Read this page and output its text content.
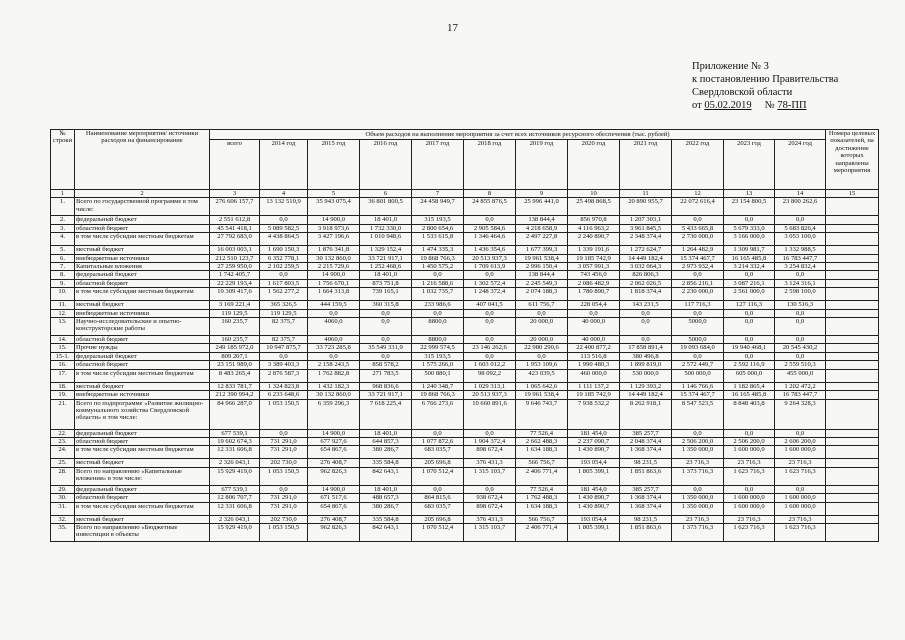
17
Приложение № 3
к постановлению Правительства
Свердловской области
от 05.02.2019 № 78-ПП
№ строки	Наименование мероприятия/ источники расходов на финансирование	Объем расходов на выполнение мероприятия за счет всех источников ресурсного обеспечения (тыс. рублей)												Номера целевых показателей, на достижение которых направлены мероприятия
		всего	2014 год	2015 год	2016 год	2017 год	2018 год	2019 год	2020 год	2021 год	2022 год	2023 год	2024 год	
1	2	3	4	5	6	7	8	9	10	11	12	13	14	15
1.	Всего по государственной программе в том числе:	276 606 157,7	13 132 510,9	35 943 075,4	36 801 800,5	24 458 949,7	24 855 876,5	25 996 441,0	25 498 868,5	20 890 955,7	22 072 616,4	23 154 800,5	23 800 262,6	
2.	федеральный бюджет	2 551 612,8	0,0	14 900,0	18 401,0	315 193,5	0,0	138 844,4	856 970,8	1 207 303,1	0,0	0,0	0,0	
3.	областной бюджет	45 541 418,1	5 089 582,5	3 918 973,6	1 732 330,0	2 800 654,6	2 905 584,6	4 218 658,9	4 116 963,2	3 961 845,5	5 433 665,8	5 679 333,0	5 683 826,4	
4.	в том числе субсидии местным бюджетам	27 792 683,0	4 438 864,5	3 427 196,6	1 010 948,6	1 533 615,8	1 346 464,6	2 497 227,8	2 240 890,7	2 348 374,4	2 730 000,0	3 166 000,0	3 053 100,0	
5.	местный бюджет	16 003 003,1	1 690 150,3	1 876 341,8	1 329 152,4	1 474 335,3	1 436 354,6	1 677 399,3	1 339 191,6	1 272 624,7	1 264 482,9	1 309 981,7	1 332 988,5	
6.	внебюджетные источники	212 510 123,7	6 352 778,1	30 132 860,0	33 721 917,1	19 868 766,3	20 513 937,3	19 961 538,4	19 185 742,9	14 449 182,4	15 374 467,7	16 165 485,8	16 783 447,7	
7.	Капитальные вложения	27 259 950,0	2 102 259,5	2 215 729,6	1 252 468,6	1 450 575,2	1 709 613,9	2 996 150,4	3 057 991,3	3 032 064,3	2 973 932,4	3 214 332,4	3 254 832,4	
8.	федеральный бюджет	1 742 405,7	0,0	14 900,0	18 401,0	0,0	0,0	138 844,4	743 456,0	826 806,3	0,0	0,0	0,0	
9.	областной бюджет	22 229 193,4	1 617 803,5	1 756 670,1	873 751,8	1 216 588,6	1 302 572,4	2 245 549,3	2 086 482,9	2 062 026,5	2 856 216,1	3 087 216,1	3 124 316,1	
10.	в том числе субсидии местным бюджетам	19 309 417,6	1 562 277,2	1 664 313,8	739 165,1	1 032 735,7	1 248 372,4	2 074 188,3	1 780 890,7	1 818 374,4	2 230 000,0	2 561 000,0	2 598 100,0	
11.	местный бюджет	3 169 221,4	365 326,5	444 159,5	360 315,8	233 986,6	407 041,5	611 756,7	228 054,4	143 231,5	117 716,3	127 116,3	130 516,3	
12.	внебюджетные источники	119 129,5	119 129,5	0,0	0,0	0,0	0,0	0,0	0,0	0,0	0,0	0,0	0,0	
13.	Научно-исследовательские и опытно-конструкторские работы	160 235,7	82 375,7	4060,0	0,0	8800,0	0,0	20 000,0	40 000,0	0,0	5000,0	0,0	0,0	
14.	областной бюджет	160 235,7	82 375,7	4060,0	0,0	8800,0	0,0	20 000,0	40 000,0	0,0	5000,0	0,0	0,0	
15.	Прочие нужды	249 185 972,0	10 947 875,7	33 723 285,8	35 549 331,9	22 999 574,5	23 146 262,6	22 980 290,6	22 400 877,2	17 858 891,4	19 093 684,0	19 940 468,1	20 545 430,2	
15-1.	федеральный бюджет	809 207,1	0,0	0,0	0,0	315 193,5	0,0	0,0	113 516,8	380 496,8	0,0	0,0	0,0	
16.	областной бюджет	23 151 989,0	3 389 403,3	2 158 243,5	858 578,2	1 575 266,0	1 603 012,2	1 953 109,6	1 990 480,3	1 899 819,0	2 572 449,7	2 592 116,9	2 559 510,3	
17.	в том числе субсидии местным бюджетам	8 483 265,4	2 876 587,3	1 762 882,8	271 783,5	500 880,1	98 092,2	423 039,5	460 000,0	530 000,0	500 000,0	605 000,0	455 000,0	
18.	местный бюджет	12 833 781,7	1 324 823,8	1 432 182,3	968 836,6	1 240 348,7	1 029 313,1	1 065 642,6	1 111 137,2	1 129 393,2	1 146 766,6	1 182 865,4	1 202 472,2	
19.	внебюджетные источники	212 390 994,2	6 233 648,6	30 132 860,0	33 721 917,1	19 868 766,3	20 513 937,3	19 961 538,4	19 185 742,9	14 449 182,4	15 374 467,7	16 165 485,8	16 783 447,7	
21.	Всего по подпрограмме «Развитие жилищно-коммунального хозяйства Свердловской области» в том числе:	84 966 287,0	1 053 150,5	6 359 296,3	7 618 225,4	6 766 273,6	10 660 891,6	9 646 743,7	7 938 532,2	8 262 918,1	8 547 523,5	8 848 403,8	9 264 328,3	
22.	федеральный бюджет	677 539,1	0,0	14 900,0	18 401,0	0,0	0,0	77 526,4	181 454,0	385 257,7	0,0	0,0	0,0	
23.	областной бюджет	19 602 674,3	731 291,0	677 927,6	644 857,3	1 077 872,6	1 904 372,4	2 662 488,3	2 237 090,7	2 048 374,4	2 506 200,0	2 506 200,0	2 606 200,0	
24.	в том числе субсидии местным бюджетам	12 331 606,8	731 291,0	654 867,6	380 286,7	683 035,7	898 672,4	1 634 188,3	1 430 890,7	1 368 374,4	1 350 000,0	1 600 000,0	1 600 000,0	
25.	местный бюджет	2 326 043,1	202 730,0	276 408,7	335 584,8	205 696,8	376 431,3	566 756,7	193 054,4	98 231,5	23 716,3	23 716,3	23 716,3	
28.	Всего по направлению «Капитальные вложения» в том числе:	15 929 419,0	1 053 150,5	962 826,3	842 643,1	1 070 512,4	1 315 103,7	2 406 771,4	1 805 399,1	1 851 863,6	1 373 716,3	1 623 716,3	1 623 716,3	
29.	федеральный бюджет	677 539,1	0,0	14 900,0	18 401,0	0,0	0,0	77 526,4	181 454,0	385 257,7	0,0	0,0	0,0	
30.	областной бюджет	12 806 707,7	731 291,0	671 517,6	488 657,3	864 815,6	938 672,4	1 762 488,3	1 430 890,7	1 368 374,4	1 350 000,0	1 600 000,0	1 600 000,0	
31.	в том числе субсидии местным бюджетам	12 331 606,8	731 291,0	654 867,6	380 286,7	683 035,7	898 672,4	1 634 188,3	1 430 890,7	1 368 374,4	1 350 000,0	1 600 000,0	1 600 000,0	
32.	местный бюджет	2 326 043,1	202 730,0	276 408,7	335 584,8	205 696,8	376 431,3	566 756,7	193 054,4	98 231,5	23 716,3	23 716,3	23 716,3	
35.	Всего по направлению «Бюджетные инвестиции в объекты	15 929 419,0	1 053 150,5	962 826,3	842 643,1	1 070 512,4	1 315 103,7	2 406 771,4	1 805 399,1	1 851 863,6	1 373 716,3	1 623 716,3	1 623 716,3	
